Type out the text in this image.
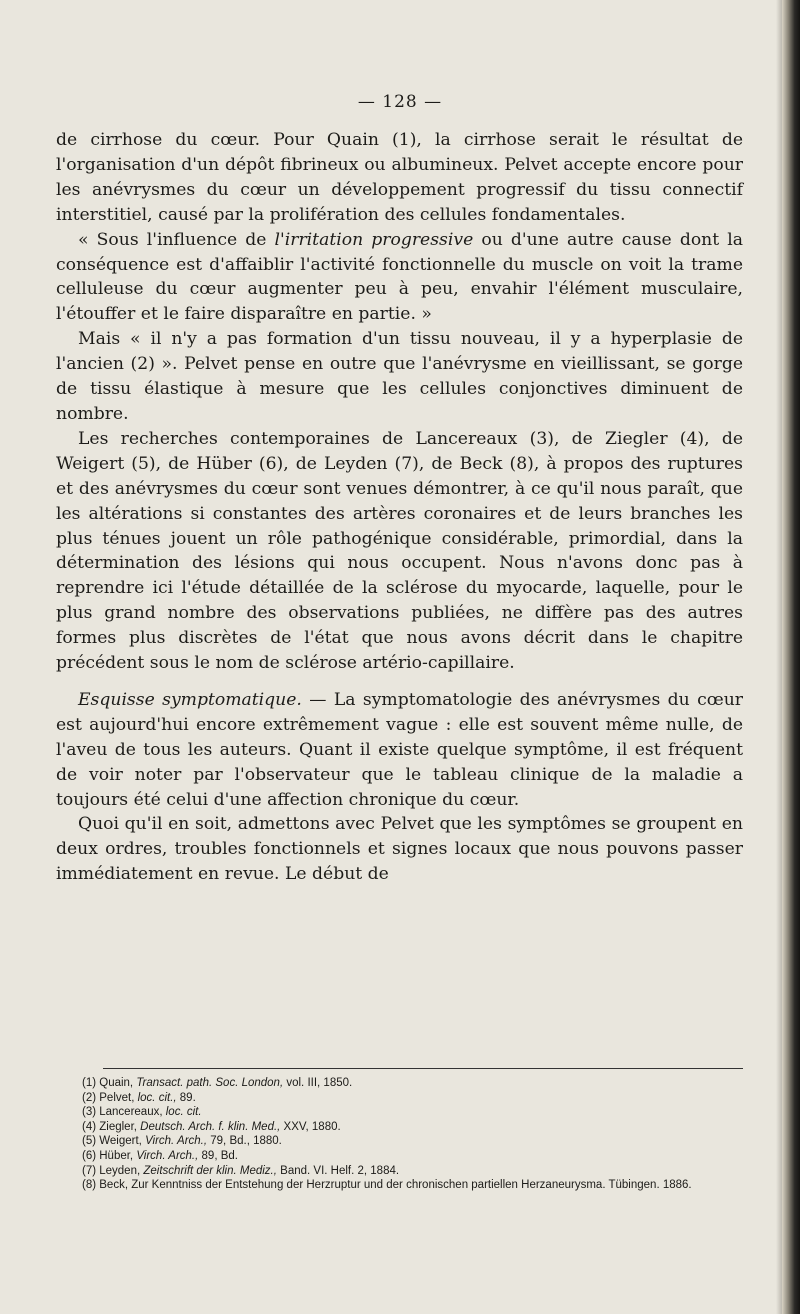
— 128 —

de cirrhose du cœur. Pour Quain (1), la cirrhose serait le résultat de l'organisation d'un dépôt fibrineux ou albumineux. Pelvet accepte encore pour les anévrysmes du cœur un développement progressif du tissu connectif interstitiel, causé par la prolifération des cellules fondamentales.

« Sous l'influence de l'irritation progressive ou d'une autre cause dont la conséquence est d'affaiblir l'activité fonctionnelle du muscle on voit la trame celluleuse du cœur augmenter peu à peu, envahir l'élément musculaire, l'étouffer et le faire disparaître en partie. »

Mais « il n'y a pas formation d'un tissu nouveau, il y a hyperplasie de l'ancien (2) ». Pelvet pense en outre que l'anévrysme en vieillissant, se gorge de tissu élastique à mesure que les cellules conjonctives diminuent de nombre.

Les recherches contemporaines de Lancereaux (3), de Ziegler (4), de Weigert (5), de Hüber (6), de Leyden (7), de Beck (8), à propos des ruptures et des anévrysmes du cœur sont venues démontrer, à ce qu'il nous paraît, que les altérations si constantes des artères coronaires et de leurs branches les plus ténues jouent un rôle pathogénique considérable, primordial, dans la détermination des lésions qui nous occupent. Nous n'avons donc pas à reprendre ici l'étude détaillée de la sclérose du myocarde, laquelle, pour le plus grand nombre des observations publiées, ne diffère pas des autres formes plus discrètes de l'état que nous avons décrit dans le chapitre précédent sous le nom de sclérose artério-capillaire.

Esquisse symptomatique. — La symptomatologie des anévrysmes du cœur est aujourd'hui encore extrêmement vague : elle est souvent même nulle, de l'aveu de tous les auteurs. Quant il existe quelque symptôme, il est fréquent de voir noter par l'observateur que le tableau clinique de la maladie a toujours été celui d'une affection chronique du cœur.

Quoi qu'il en soit, admettons avec Pelvet que les symptômes se groupent en deux ordres, troubles fonctionnels et signes locaux que nous pouvons passer immédiatement en revue. Le début de

(1) Quain, Transact. path. Soc. London, vol. III, 1850.
(2) Pelvet, loc. cit., 89.
(3) Lancereaux, loc. cit.
(4) Ziegler, Deutsch. Arch. f. klin. Med., XXV, 1880.
(5) Weigert, Virch. Arch., 79, Bd., 1880.
(6) Hüber, Virch. Arch., 89, Bd.
(7) Leyden, Zeitschrift der klin. Mediz., Band. VI. Helf. 2, 1884.
(8) Beck, Zur Kenntniss der Entstehung der Herzruptur und der chronischen partiellen Herzaneurysma. Tübingen. 1886.
